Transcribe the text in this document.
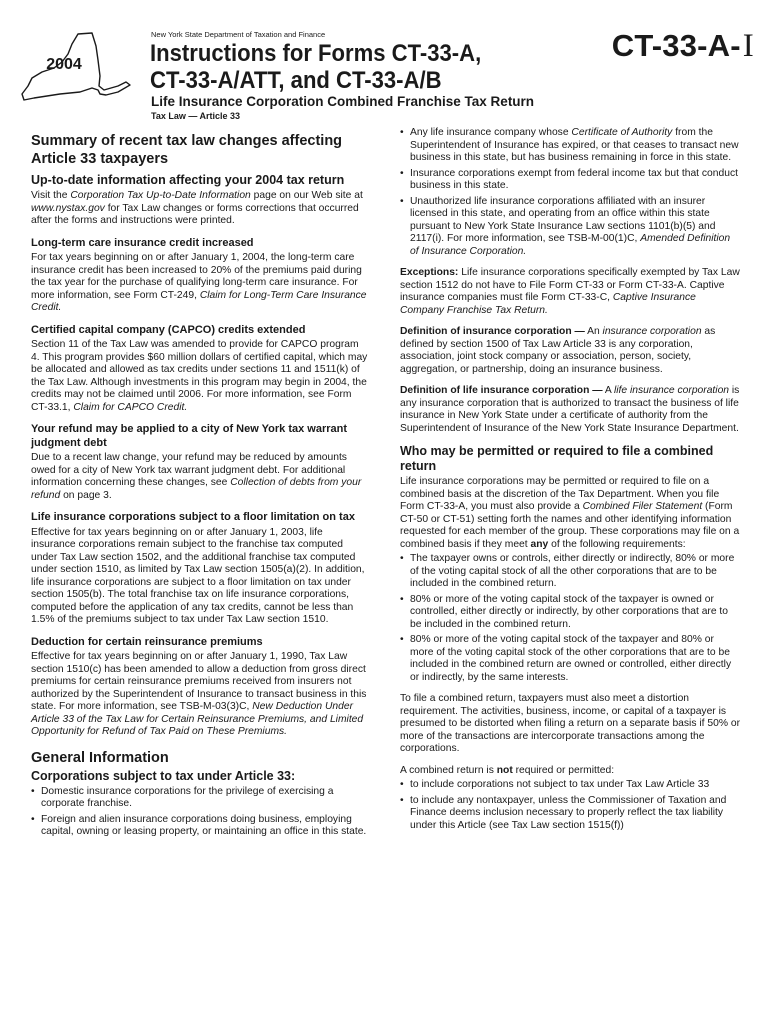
2004
New York State Department of Taxation and Finance	CT-33-A-I
Instructions for Forms CT-33-A,
CT-33-A/ATT, and CT-33-A/B
Life Insurance Corporation Combined Franchise Tax Return
Tax Law — Article 33
Summary of recent tax law changes affecting Article 33 taxpayers
Up-to-date information affecting your 2004 tax return

Visit the Corporation Tax Up-to-Date Information page on our Web site at www.nystax.gov for Tax Law changes or forms corrections that occurred after the forms and instructions were printed.

Long-term care insurance credit increased

For tax years beginning on or after January 1, 2004, the long-term care insurance credit has been increased to 20% of the premiums paid during the tax year for the purchase of qualifying long-term care insurance. For more information, see Form CT-249, Claim for Long-Term Care Insurance Credit.

Certified capital company (CAPCO) credits extended

Section 11 of the Tax Law was amended to provide for CAPCO program 4. This program provides $60 million dollars of certified capital, which may be allocated and allowed as tax credits under sections 11 and 1511(k) of the Tax Law. Although investments in this program may begin in 2004, the credits may not be claimed until 2006. For more information, see Form CT-33.1, Claim for CAPCO Credit.

Your refund may be applied to a city of New York tax warrant judgment debt

Due to a recent law change, your refund may be reduced by amounts owed for a city of New York tax warrant judgment debt. For additional information concerning these changes, see Collection of debts from your refund on page 3.

Life insurance corporations subject to a floor limitation on tax

Effective for tax years beginning on or after January 1, 2003, life insurance corporations remain subject to the franchise tax computed under Tax Law section 1502, and the additional franchise tax computed under section 1510, as limited by Tax Law section 1505(a)(2). In addition, life insurance corporations are subject to a floor limitation on tax under section 1505(b). The total franchise tax on life insurance corporations, computed before the application of any tax credits, cannot be less than 1.5% of the premiums subject to tax under Tax Law section 1510.

Deduction for certain reinsurance premiums

Effective for tax years beginning on or after January 1, 1990, Tax Law section 1510(c) has been amended to allow a deduction from gross direct premiums for certain reinsurance premiums received from insurers not authorized by the Superintendent of Insurance to transact business in this state. For more information, see TSB-M-03(3)C, New Deduction Under Article 33 of the Tax Law for Certain Reinsurance Premiums, and Limited Opportunity for Refund of Tax Paid on These Premiums.

General Information
Corporations subject to tax under Article 33:
• Domestic insurance corporations for the privilege of exercising a corporate franchise.
• Foreign and alien insurance corporations doing business, employing capital, owning or leasing property, or maintaining an office in this state.
• Any life insurance company whose Certificate of Authority from the Superintendent of Insurance has expired, or that ceases to transact new business in this state, but has business remaining in force in this state.
• Insurance corporations exempt from federal income tax but that conduct business in this state.
• Unauthorized life insurance corporations affiliated with an insurer licensed in this state, and operating from an office within this state pursuant to New York State Insurance Law sections 1101(b)(5) and 2117(i). For more information, see TSB-M-00(1)C, Amended Definition of Insurance Corporation.

Exceptions: Life insurance corporations specifically exempted by Tax Law section 1512 do not have to File Form CT-33 or Form CT-33-A. Captive insurance companies must file Form CT-33-C, Captive Insurance Company Franchise Tax Return.

Definition of insurance corporation — An insurance corporation as defined by section 1500 of Tax Law Article 33 is any corporation, association, joint stock company or association, person, society, aggregation, or partnership, doing an insurance business.

Definition of life insurance corporation — A life insurance corporation is any insurance corporation that is authorized to transact the business of life insurance in New York State under a certificate of authority from the Superintendent of Insurance of the New York State Insurance Department.

Who may be permitted or required to file a combined return

Life insurance corporations may be permitted or required to file on a combined basis at the discretion of the Tax Department. When you file Form CT-33-A, you must also provide a Combined Filer Statement (Form CT-50 or CT-51) setting forth the names and other identifying information requested for each member of the group. These corporations may file on a combined basis if they meet any of the following requirements:

• The taxpayer owns or controls, either directly or indirectly, 80% or more of the voting capital stock of all the other corporations that are to be included in the combined return.
• 80% or more of the voting capital stock of the taxpayer is owned or controlled, either directly or indirectly, by other corporations that are to be included in the combined return.
• 80% or more of the voting capital stock of the taxpayer and 80% or more of the voting capital stock of the other corporations that are to be included in the combined return are owned or controlled, either directly or indirectly, by the same interests.

To file a combined return, taxpayers must also meet a distortion requirement. The activities, business, income, or capital of a taxpayer is presumed to be distorted when filing a return on a separate basis if 50% or more of the transactions are intercorporate transactions among the corporations.

A combined return is not required or permitted:

• to include corporations not subject to tax under Tax Law Article 33
• to include any nontaxpayer, unless the Commissioner of Taxation and Finance deems inclusion necessary to properly reflect the tax liability under this Article (see Tax Law section 1515(f))
